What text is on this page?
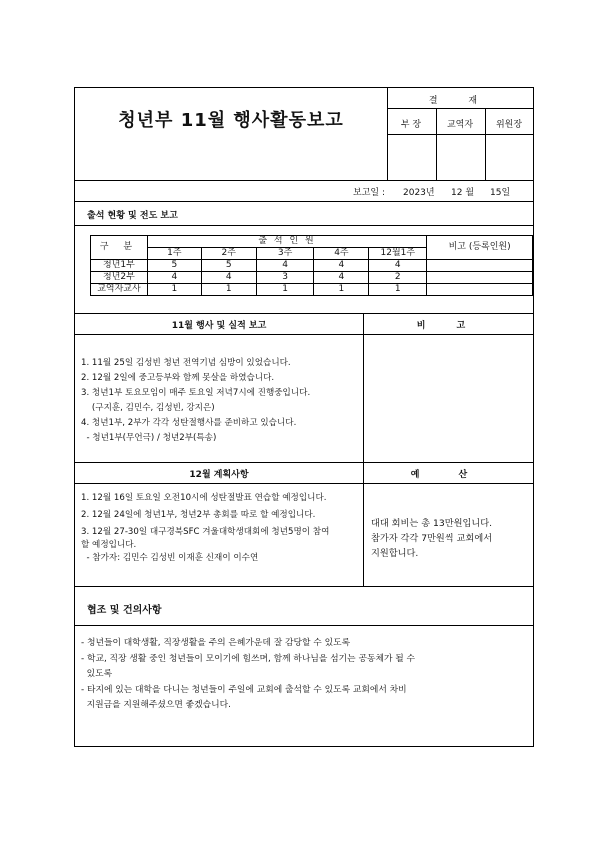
청년부 11월 행사활동보고
결 재
부 장	교역자	위원장
보고일 : 2023년 12 월 15일
출석 현황 및 전도 보고
구 분	출 석 인 원					비고 (등록인원)
	1주	2주	3주	4주	12월1주	
청년1부	5	5	4	4	4	
청년2부	4	4	3	4	2	
교역자교사	1	1	1	1	1	
11월 행사 및 실적 보고	비 고
1. 11월 25일 김성빈 청년 전역기념 심방이 있었습니다.
2. 12월 2일에 중고등부와 함께 못살을 하였습니다.
3. 청년1부 토요모임이 매주 토요일 저녁7시에 진행중입니다.
(구지훈, 김민수, 김성빈, 강지은)
4. 청년1부, 2부가 각각 성탄절행사를 준비하고 있습니다.
- 청년1부(무언극) / 청년2부(특송)
12월 계획사항	예 산
1. 12월 16일 토요일 오전10시에 성탄절발표 연습할 예정입니다.
2. 12월 24일에 청년1부, 청년2부 총회를 따로 할 예정입니다.
3. 12월 27-30일 대구경북SFC 겨울대학생대회에 청년5명이 참여
할 예정입니다.
- 참가자: 김민수 김성빈 이재훈 신재이 이수연
대대 회비는 총 13만원입니다.
참가자 각각 7만원씩 교회에서
지원합니다.
협조 및 건의사항
- 청년들이 대학생활, 직장생활을 주의 은혜가운데 잘 감당할 수 있도록
- 학교, 직장 생활 중인 청년들이 모이기에 힘쓰며, 함께 하나님을 섬기는 공동체가 될 수
있도록
- 타지에 있는 대학을 다니는 청년들이 주일에 교회에 출석할 수 있도록 교회에서 차비
지원금을 지원해주셨으면 좋겠습니다.
